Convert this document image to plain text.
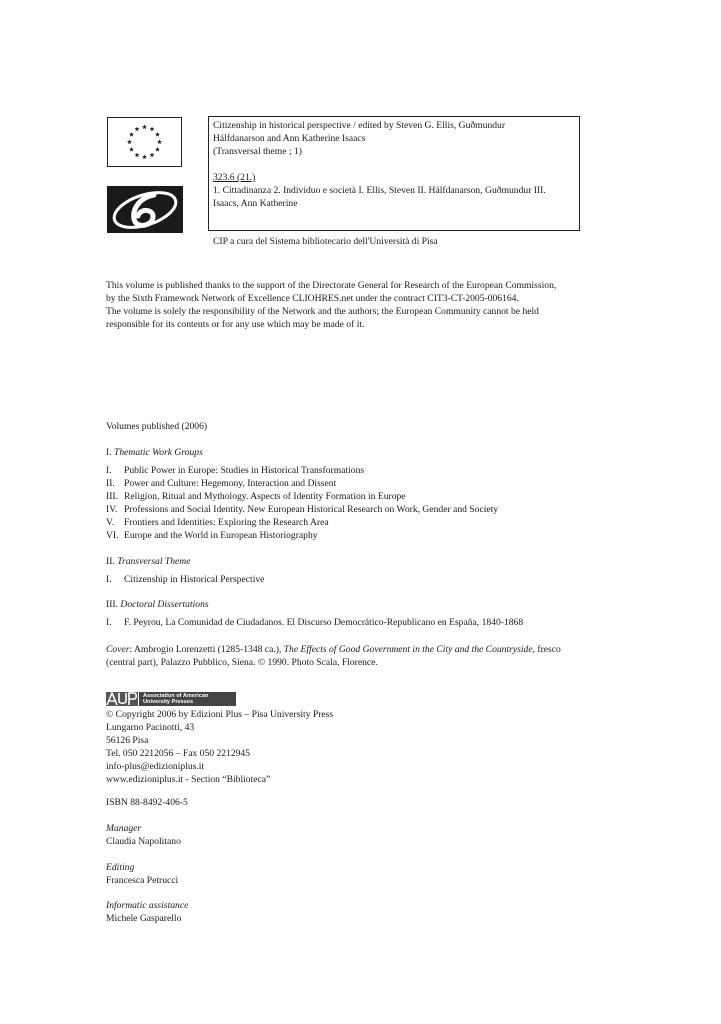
Citizenship in historical perspective / edited by Steven G. Ellis, Guðmundur
Hálfdanarson and Ann Katherine Isaacs
(Transversal theme ; 1)
323.6 (21.)
1. Cittadinanza 2. Individuo e società I. Ellis, Steven II. Hálfdanarson, Guðmundur III.
Isaacs, Ann Katherine
CIP a cura del Sistema bibliotecario dell'Università di Pisa
This volume is published thanks to the support of the Directorate General for Research of the European Commission,
by the Sixth Framework Network of Excellence CLIOHRES.net under the contract CIT3-CT-2005-006164.
The volume is solely the responsibility of the Network and the authors; the European Community cannot be held
responsible for its contents or for any use which may be made of it.
Volumes published (2006)
I. Thematic Work Groups
I. Public Power in Europe: Studies in Historical Transformations
II. Power and Culture: Hegemony, Interaction and Dissent
III. Religion, Ritual and Mythology. Aspects of Identity Formation in Europe
IV. Professions and Social Identity. New European Historical Research on Work, Gender and Society
V. Frontiers and Identities: Exploring the Research Area
VI. Europe and the World in European Historiography
II. Transversal Theme
I. Citizenship in Historical Perspective
III. Doctoral Dissertations
I. F. Peyrou, La Comunidad de Ciudadanos. El Discurso Democrático-Republicano en España, 1840-1868
Cover: Ambrogio Lorenzetti (1285-1348 ca.), The Effects of Good Government in the City and the Countryside, fresco
(central part), Palazzo Pubblico, Siena. © 1990. Photo Scala, Florence.
Association of American
University Presses
© Copyright 2006 by Edizioni Plus – Pisa University Press
Lungarno Pacinotti, 43
56126 Pisa
Tel. 050 2212056 – Fax 050 2212945
info-plus@edizioniplus.it
www.edizioniplus.it - Section “Biblioteca”
ISBN 88-8492-406-5
Manager
Claudia Napolitano
Editing
Francesca Petrucci
Informatic assistance
Michele Gasparello
